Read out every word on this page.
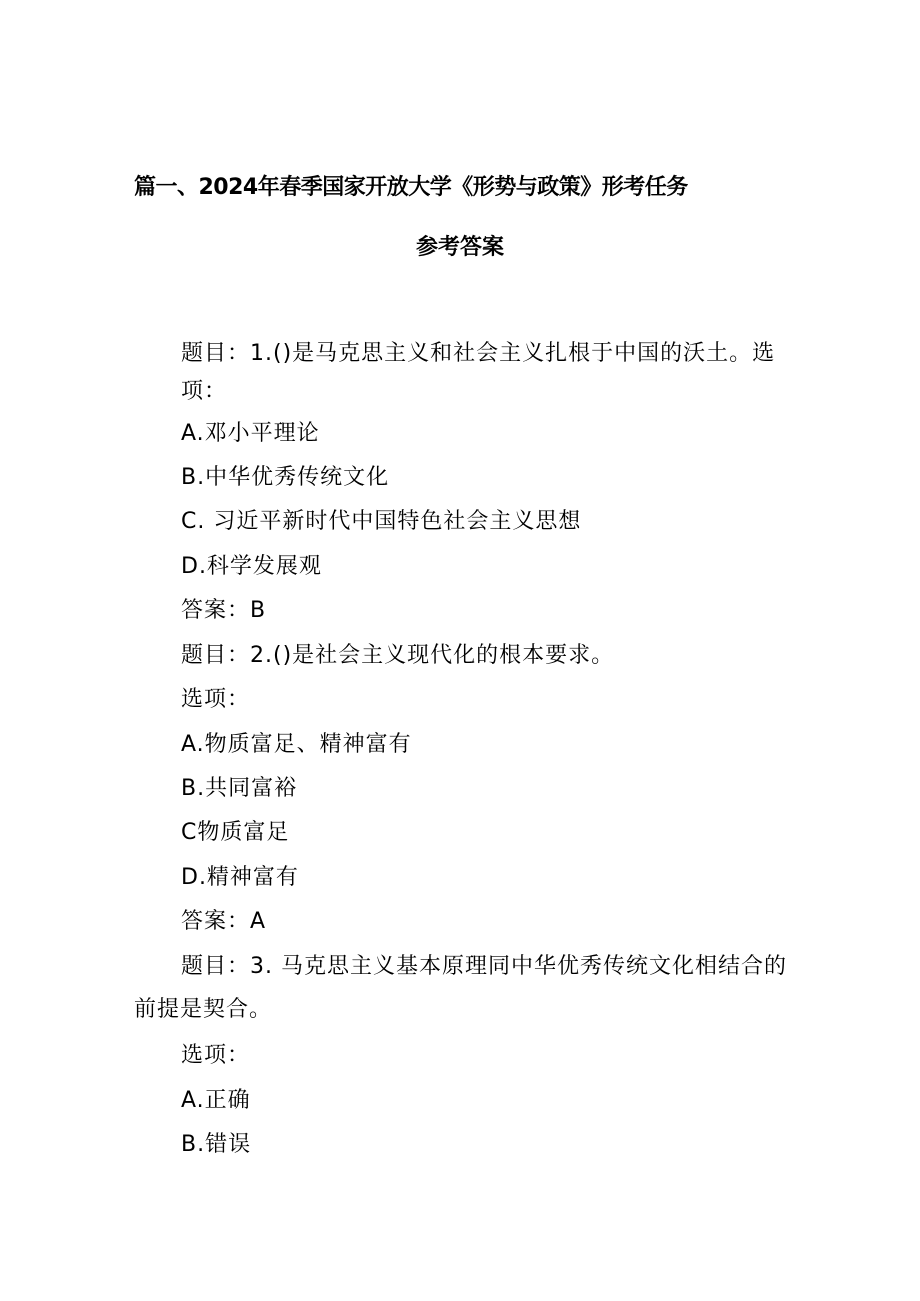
篇一、2024年春季国家开放大学《形势与政策》形考任务
参考答案
题目：1.()是马克思主义和社会主义扎根于中国的沃土。选
项：
A.邓小平理论
B.中华优秀传统文化
C. 习近平新时代中国特色社会主义思想
D.科学发展观
答案：B
题目：2.()是社会主义现代化的根本要求。
选项：
A.物质富足、精神富有
B.共同富裕
C物质富足
D.精神富有
答案：A
题目：3. 马克思主义基本原理同中华优秀传统文化相结合的
前提是契合。
选项：
A.正确
B.错误
